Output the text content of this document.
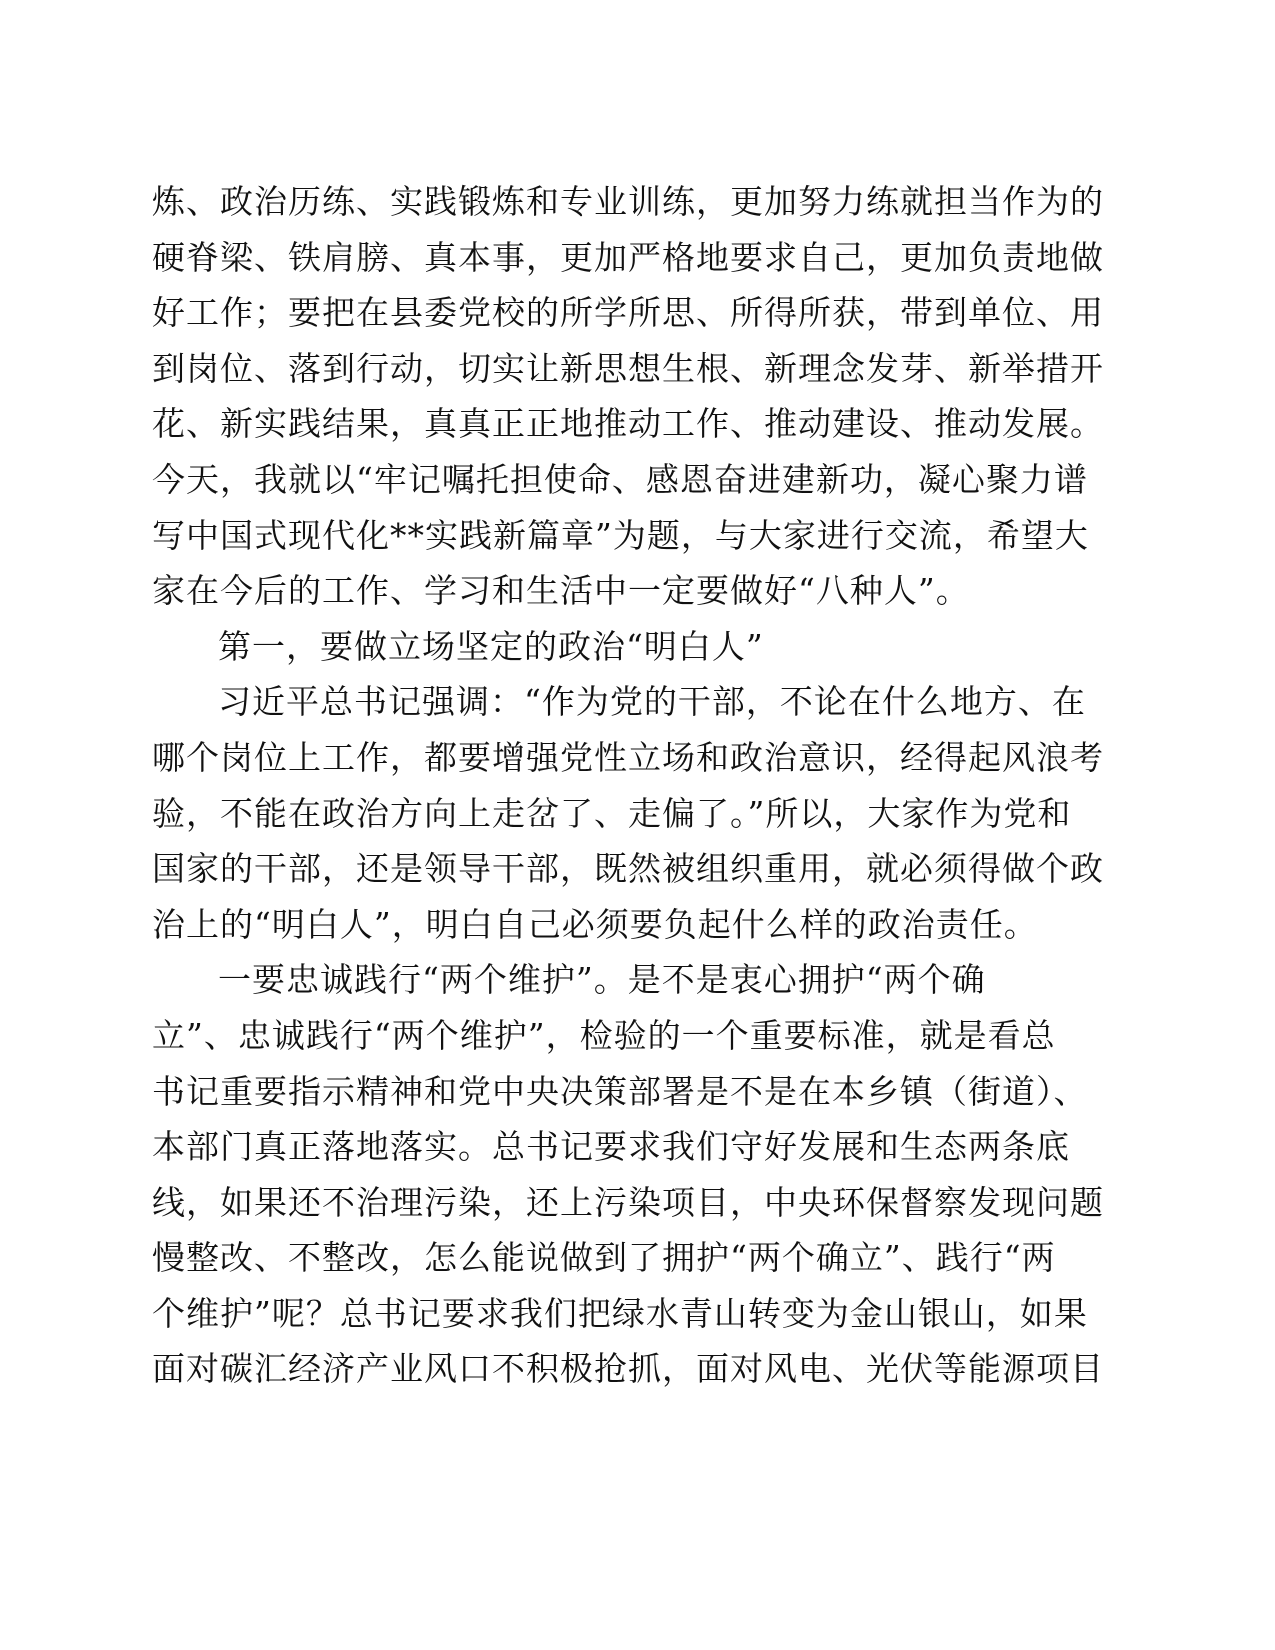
炼、政治历练、实践锻炼和专业训练，更加努力练就担当作为的
硬脊梁、铁肩膀、真本事，更加严格地要求自己，更加负责地做
好工作；要把在县委党校的所学所思、所得所获，带到单位、用
到岗位、落到行动，切实让新思想生根、新理念发芽、新举措开
花、新实践结果，真真正正地推动工作、推动建设、推动发展。
今天，我就以“牢记嘱托担使命、感恩奋进建新功，凝心聚力谱
写中国式现代化**实践新篇章”为题，与大家进行交流，希望大
家在今后的工作、学习和生活中一定要做好“八种人”。
第一，要做立场坚定的政治“明白人”
习近平总书记强调：“作为党的干部，不论在什么地方、在
哪个岗位上工作，都要增强党性立场和政治意识，经得起风浪考
验，不能在政治方向上走岔了、走偏了。”所以，大家作为党和
国家的干部，还是领导干部，既然被组织重用，就必须得做个政
治上的“明白人”，明白自己必须要负起什么样的政治责任。
一要忠诚践行“两个维护”。是不是衷心拥护“两个确
立”、忠诚践行“两个维护”，检验的一个重要标准，就是看总
书记重要指示精神和党中央决策部署是不是在本乡镇（街道）、
本部门真正落地落实。总书记要求我们守好发展和生态两条底
线，如果还不治理污染，还上污染项目，中央环保督察发现问题
慢整改、不整改，怎么能说做到了拥护“两个确立”、践行“两
个维护”呢？总书记要求我们把绿水青山转变为金山银山，如果
面对碳汇经济产业风口不积极抢抓，面对风电、光伏等能源项目
